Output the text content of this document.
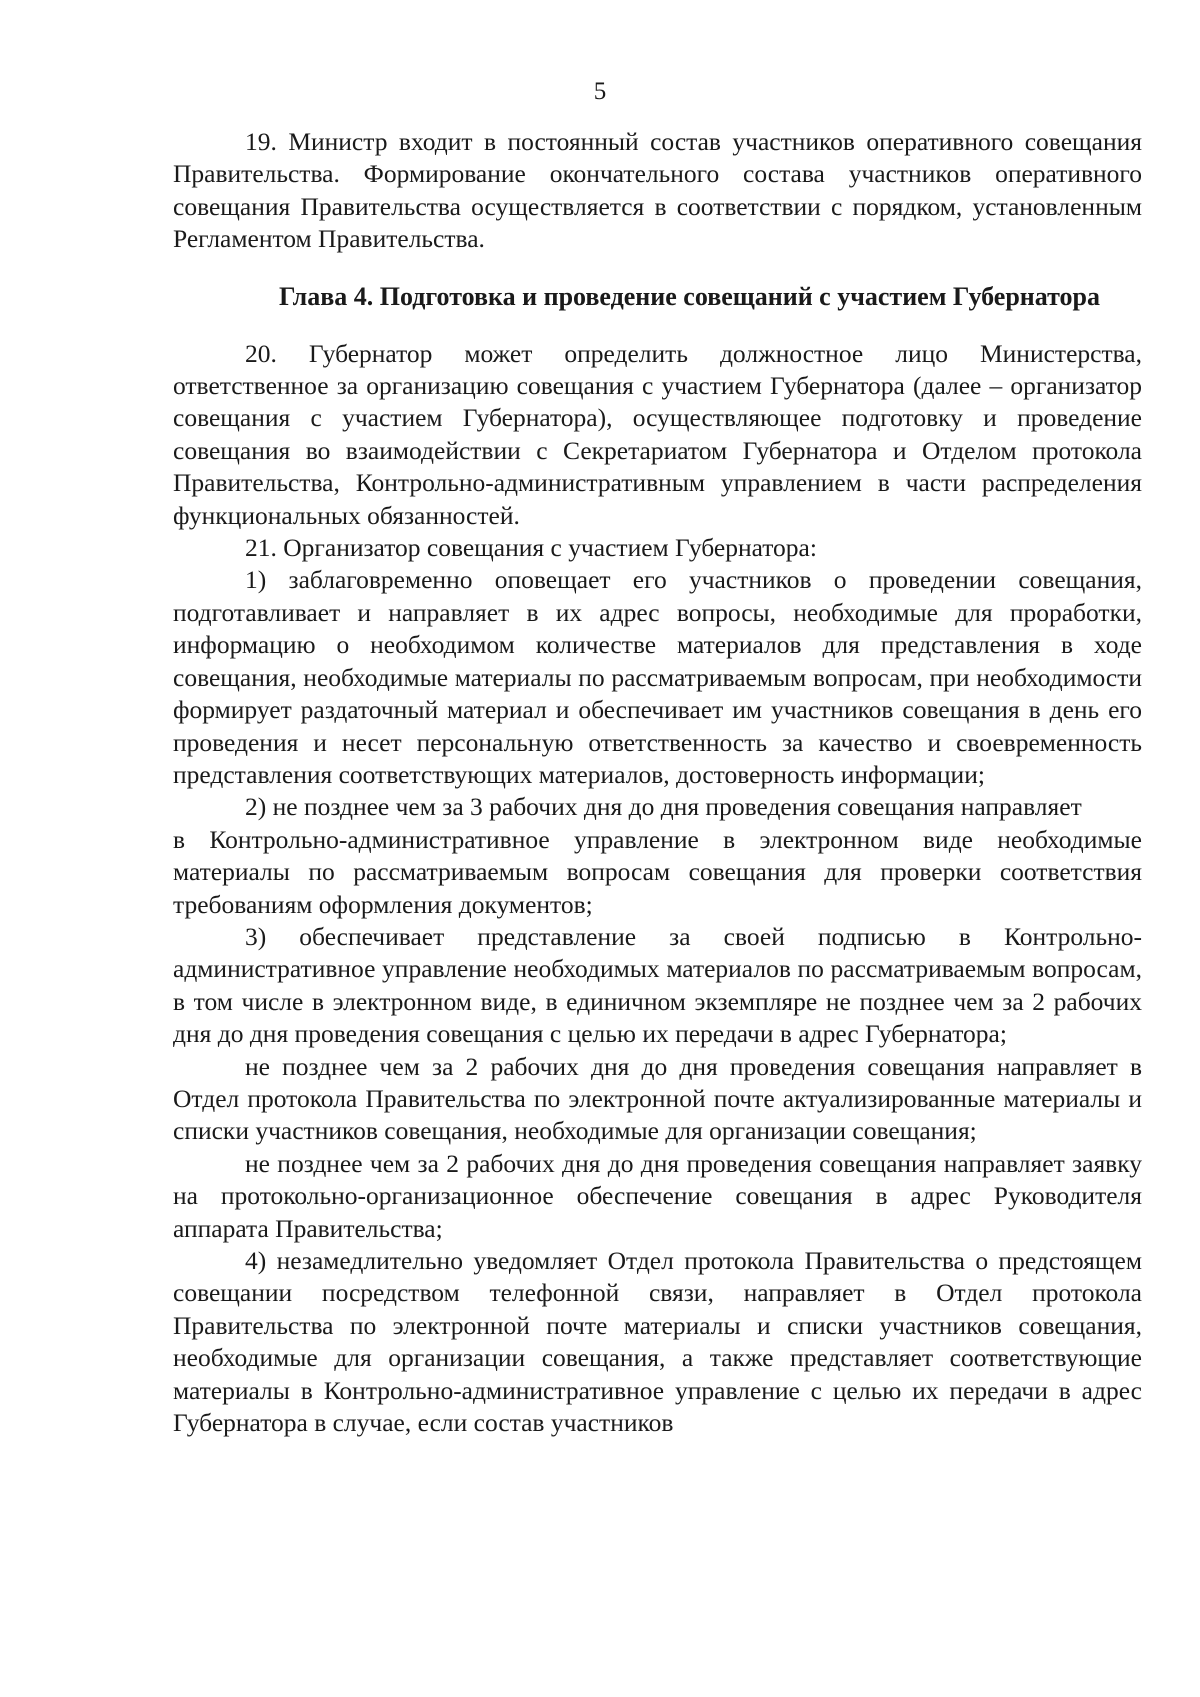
5

19. Министр входит в постоянный состав участников оперативного совещания Правительства. Формирование окончательного состава участников оперативного совещания Правительства осуществляется в соответствии с порядком, установленным Регламентом Правительства.

Глава 4. Подготовка и проведение совещаний с участием Губернатора

20. Губернатор может определить должностное лицо Министерства, ответственное за организацию совещания с участием Губернатора (далее – организатор совещания с участием Губернатора), осуществляющее подготовку и проведение совещания во взаимодействии с Секретариатом Губернатора и Отделом протокола Правительства, Контрольно-административным управлением в части распределения функциональных обязанностей.

21. Организатор совещания с участием Губернатора:

1) заблаговременно оповещает его участников о проведении совещания, подготавливает и направляет в их адрес вопросы, необходимые для проработки, информацию о необходимом количестве материалов для представления в ходе совещания, необходимые материалы по рассматриваемым вопросам, при необходимости формирует раздаточный материал и обеспечивает им участников совещания в день его проведения и несет персональную ответственность за качество и своевременность представления соответствующих материалов, достоверность информации;

2) не позднее чем за 3 рабочих дня до дня проведения совещания направляет

в Контрольно-административное управление в электронном виде необходимые материалы по рассматриваемым вопросам совещания для проверки соответствия требованиям оформления документов;

3) обеспечивает представление за своей подписью в Контрольно-административное управление необходимых материалов по рассматриваемым вопросам, в том числе в электронном виде, в единичном экземпляре не позднее чем за 2 рабочих дня до дня проведения совещания с целью их передачи в адрес Губернатора;

не позднее чем за 2 рабочих дня до дня проведения совещания направляет в Отдел протокола Правительства по электронной почте актуализированные материалы и списки участников совещания, необходимые для организации совещания;

не позднее чем за 2 рабочих дня до дня проведения совещания направляет заявку на протокольно-организационное обеспечение совещания в адрес Руководителя аппарата Правительства;

4) незамедлительно уведомляет Отдел протокола Правительства о предстоящем совещании посредством телефонной связи, направляет в Отдел протокола Правительства по электронной почте материалы и списки участников совещания, необходимые для организации совещания, а также представляет соответствующие материалы в Контрольно-административное управление с целью их передачи в адрес Губернатора в случае, если состав участников
